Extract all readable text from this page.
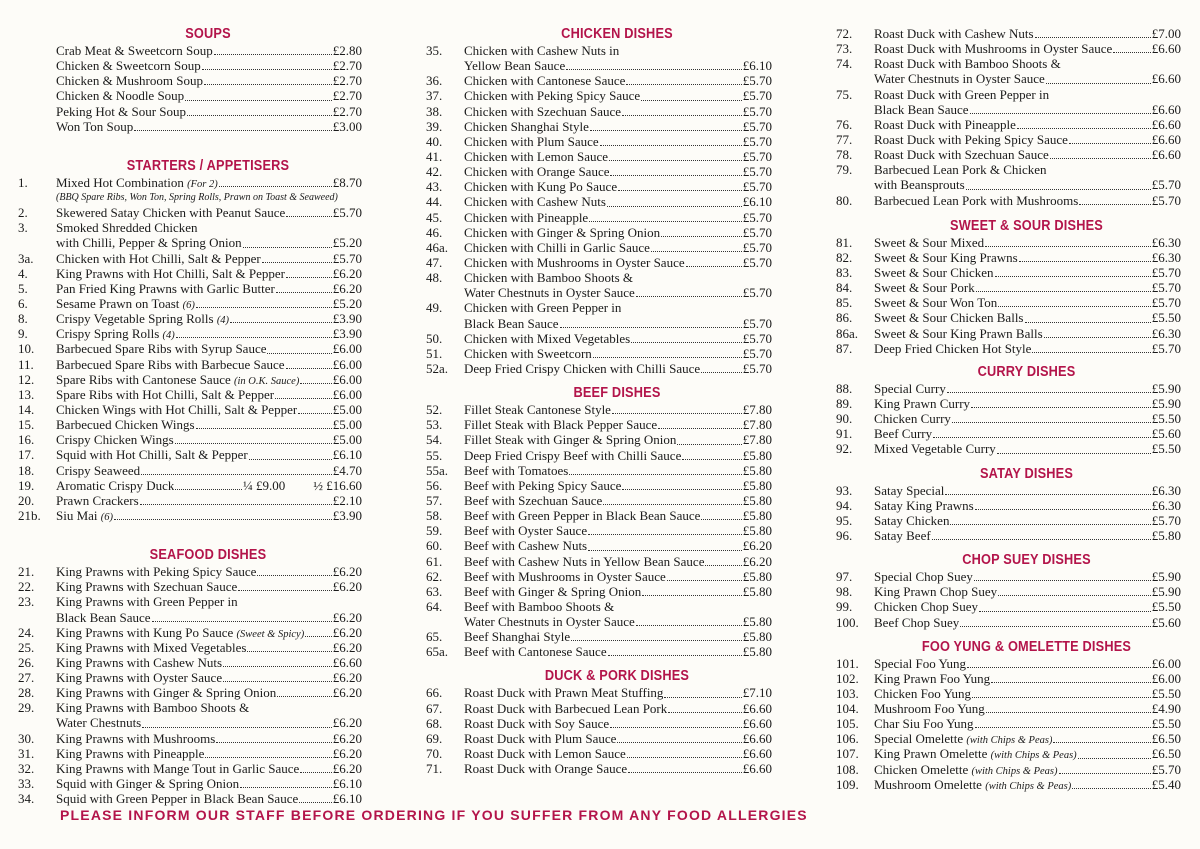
SOUPS
Crab Meat & Sweetcorn Soup	£2.80
Chicken & Sweetcorn Soup	£2.70
Chicken & Mushroom Soup	£2.70
Chicken & Noodle Soup	£2.70
Peking Hot & Sour Soup	£2.70
Won Ton Soup	£3.00
STARTERS / APPETISERS
1.	Mixed Hot Combination (For 2)	£8.70
(BBQ Spare Ribs, Won Ton, Spring Rolls, Prawn on Toast & Seaweed)
2.	Skewered Satay Chicken with Peanut Sauce	£5.70
3.	Smoked Shredded Chicken
with Chilli, Pepper & Spring Onion	£5.20
3a.	Chicken with Hot Chilli, Salt & Pepper	£5.70
4.	King Prawns with Hot Chilli, Salt & Pepper	£6.20
5.	Pan Fried King Prawns with Garlic Butter	£6.20
6.	Sesame Prawn on Toast (6)	£5.20
8.	Crispy Vegetable Spring Rolls (4)	£3.90
9.	Crispy Spring Rolls (4)	£3.90
10.	Barbecued Spare Ribs with Syrup Sauce	£6.00
11.	Barbecued Spare Ribs with Barbecue Sauce	£6.00
12.	Spare Ribs with Cantonese Sauce (in O.K. Sauce)	£6.00
13.	Spare Ribs with Hot Chilli, Salt & Pepper	£6.00
14.	Chicken Wings with Hot Chilli, Salt & Pepper	£5.00
15.	Barbecued Chicken Wings	£5.00
16.	Crispy Chicken Wings	£5.00
17.	Squid with Hot Chilli, Salt & Pepper	£6.10
18.	Crispy Seaweed	£4.70
19.	Aromatic Crispy Duck	¼ £9.00 ½ £16.60
20.	Prawn Crackers	£2.10
21b.	Siu Mai (6)	£3.90
SEAFOOD DISHES
21.	King Prawns with Peking Spicy Sauce	£6.20
22.	King Prawns with Szechuan Sauce	£6.20
23.	King Prawns with Green Pepper in
Black Bean Sauce	£6.20
24.	King Prawns with Kung Po Sauce (Sweet & Spicy) £6.20
25.	King Prawns with Mixed Vegetables	£6.20
26.	King Prawns with Cashew Nuts	£6.60
27.	King Prawns with Oyster Sauce	£6.20
28.	King Prawns with Ginger & Spring Onion	£6.20
29.	King Prawns with Bamboo Shoots &
Water Chestnuts	£6.20
30.	King Prawns with Mushrooms	£6.20
31.	King Prawns with Pineapple	£6.20
32.	King Prawns with Mange Tout in Garlic Sauce	£6.20
33.	Squid with Ginger & Spring Onion	£6.10
34.	Squid with Green Pepper in Black Bean Sauce	£6.10
CHICKEN DISHES
35.	Chicken with Cashew Nuts in
Yellow Bean Sauce	£6.10
36.	Chicken with Cantonese Sauce	£5.70
37.	Chicken with Peking Spicy Sauce	£5.70
38.	Chicken with Szechuan Sauce	£5.70
39.	Chicken Shanghai Style	£5.70
40.	Chicken with Plum Sauce	£5.70
41.	Chicken with Lemon Sauce	£5.70
42.	Chicken with Orange Sauce	£5.70
43.	Chicken with Kung Po Sauce	£5.70
44.	Chicken with Cashew Nuts	£6.10
45.	Chicken with Pineapple	£5.70
46.	Chicken with Ginger & Spring Onion	£5.70
46a.	Chicken with Chilli in Garlic Sauce	£5.70
47.	Chicken with Mushrooms in Oyster Sauce	£5.70
48.	Chicken with Bamboo Shoots &
Water Chestnuts in Oyster Sauce	£5.70
49.	Chicken with Green Pepper in
Black Bean Sauce	£5.70
50.	Chicken with Mixed Vegetables	£5.70
51.	Chicken with Sweetcorn	£5.70
52a.	Deep Fried Crispy Chicken with Chilli Sauce	£5.70
BEEF DISHES
52.	Fillet Steak Cantonese Style	£7.80
53.	Fillet Steak with Black Pepper Sauce	£7.80
54.	Fillet Steak with Ginger & Spring Onion	£7.80
55.	Deep Fried Crispy Beef with Chilli Sauce	£5.80
55a.	Beef with Tomatoes	£5.80
56.	Beef with Peking Spicy Sauce	£5.80
57.	Beef with Szechuan Sauce	£5.80
58.	Beef with Green Pepper in Black Bean Sauce	£5.80
59.	Beef with Oyster Sauce	£5.80
60.	Beef with Cashew Nuts	£6.20
61.	Beef with Cashew Nuts in Yellow Bean Sauce	£6.20
62.	Beef with Mushrooms in Oyster Sauce	£5.80
63.	Beef with Ginger & Spring Onion	£5.80
64.	Beef with Bamboo Shoots &
Water Chestnuts in Oyster Sauce	£5.80
65.	Beef Shanghai Style	£5.80
65a.	Beef with Cantonese Sauce	£5.80
DUCK & PORK DISHES
66.	Roast Duck with Prawn Meat Stuffing	£7.10
67.	Roast Duck with Barbecued Lean Pork	£6.60
68.	Roast Duck with Soy Sauce	£6.60
69.	Roast Duck with Plum Sauce	£6.60
70.	Roast Duck with Lemon Sauce	£6.60
71.	Roast Duck with Orange Sauce	£6.60
72.	Roast Duck with Cashew Nuts	£7.00
73.	Roast Duck with Mushrooms in Oyster Sauce	£6.60
74.	Roast Duck with Bamboo Shoots &
Water Chestnuts in Oyster Sauce	£6.60
75.	Roast Duck with Green Pepper in
Black Bean Sauce	£6.60
76.	Roast Duck with Pineapple	£6.60
77.	Roast Duck with Peking Spicy Sauce	£6.60
78.	Roast Duck with Szechuan Sauce	£6.60
79.	Barbecued Lean Pork & Chicken
with Beansprouts	£5.70
80.	Barbecued Lean Pork with Mushrooms	£5.70
SWEET & SOUR DISHES
81.	Sweet & Sour Mixed	£6.30
82.	Sweet & Sour King Prawns	£6.30
83.	Sweet & Sour Chicken	£5.70
84.	Sweet & Sour Pork	£5.70
85.	Sweet & Sour Won Ton	£5.70
86.	Sweet & Sour Chicken Balls	£5.50
86a.	Sweet & Sour King Prawn Balls	£6.30
87.	Deep Fried Chicken Hot Style	£5.70
CURRY DISHES
88.	Special Curry	£5.90
89.	King Prawn Curry	£5.90
90.	Chicken Curry	£5.50
91.	Beef Curry	£5.60
92.	Mixed Vegetable Curry	£5.50
SATAY DISHES
93.	Satay Special	£6.30
94.	Satay King Prawns	£6.30
95.	Satay Chicken	£5.70
96.	Satay Beef	£5.80
CHOP SUEY DISHES
97.	Special Chop Suey	£5.90
98.	King Prawn Chop Suey	£5.90
99.	Chicken Chop Suey	£5.50
100.	Beef Chop Suey	£5.60
FOO YUNG & OMELETTE DISHES
101.	Special Foo Yung	£6.00
102.	King Prawn Foo Yung	£6.00
103.	Chicken Foo Yung	£5.50
104.	Mushroom Foo Yung	£4.90
105.	Char Siu Foo Yung	£5.50
106.	Special Omelette (with Chips & Peas)	£6.50
107.	King Prawn Omelette (with Chips & Peas)	£6.50
108.	Chicken Omelette (with Chips & Peas)	£5.70
109.	Mushroom Omelette (with Chips & Peas)	£5.40
PLEASE INFORM OUR STAFF BEFORE ORDERING IF YOU SUFFER FROM ANY FOOD ALLERGIES
